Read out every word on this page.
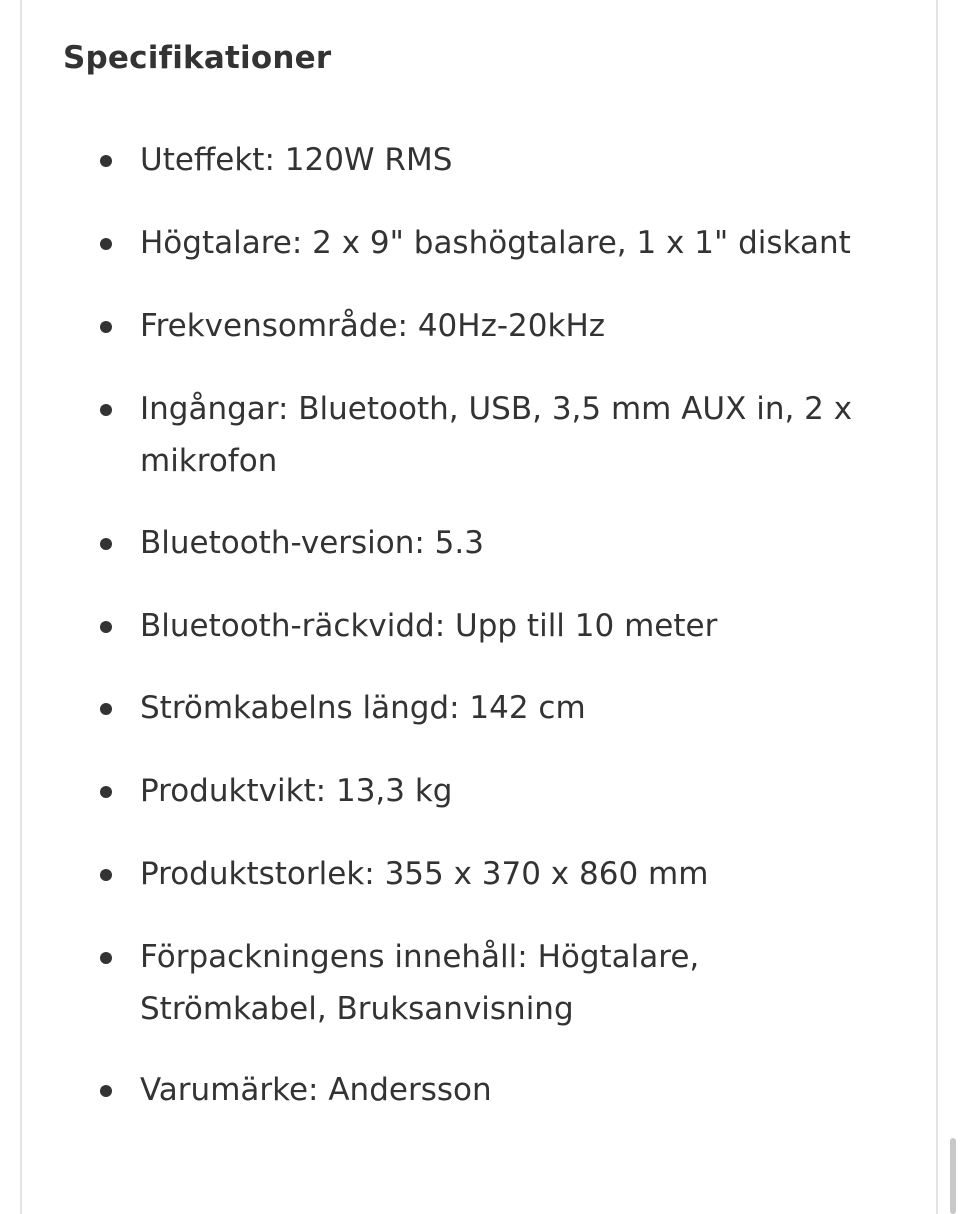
Specifikationer
Uteffekt: 120W RMS
Högtalare: 2 x 9" bashögtalare, 1 x 1" diskant
Frekvensområde: 40Hz-20kHz
Ingångar: Bluetooth, USB, 3,5 mm AUX in, 2 x
mikrofon
Bluetooth-version: 5.3
Bluetooth-räckvidd: Upp till 10 meter
Strömkabelns längd: 142 cm
Produktvikt: 13,3 kg
Produktstorlek: 355 x 370 x 860 mm
Förpackningens innehåll: Högtalare,
Strömkabel, Bruksanvisning
Varumärke: Andersson
